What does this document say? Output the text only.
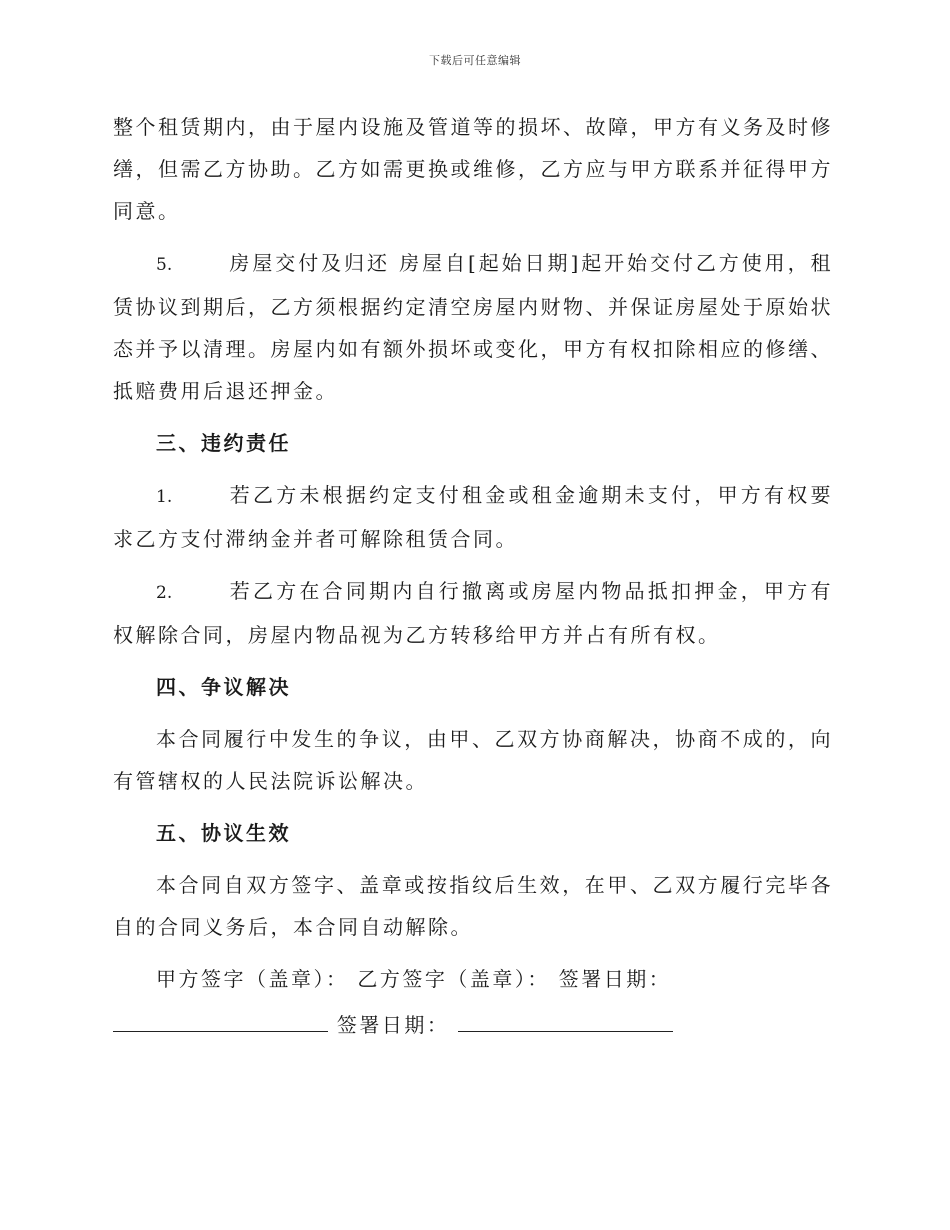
下载后可任意编辑

整个租赁期内，由于屋内设施及管道等的损坏、故障，甲方有义务及时修缮，但需乙方协助。乙方如需更换或维修，乙方应与甲方联系并征得甲方同意。

5.	房屋交付及归还 房屋自[起始日期]起开始交付乙方使用，租赁协议到期后，乙方须根据约定清空房屋内财物、并保证房屋处于原始状态并予以清理。房屋内如有额外损坏或变化，甲方有权扣除相应的修缮、抵赔费用后退还押金。

三、违约责任

1.	若乙方未根据约定支付租金或租金逾期未支付，甲方有权要求乙方支付滞纳金并者可解除租赁合同。

2.	若乙方在合同期内自行撤离或房屋内物品抵扣押金，甲方有权解除合同，房屋内物品视为乙方转移给甲方并占有所有权。

四、争议解决

本合同履行中发生的争议，由甲、乙双方协商解决，协商不成的，向有管辖权的人民法院诉讼解决。

五、协议生效

本合同自双方签字、盖章或按指纹后生效，在甲、乙双方履行完毕各自的合同义务后，本合同自动解除。

甲方签字（盖章）： 乙方签字（盖章）： 签署日期：

签署日期：
